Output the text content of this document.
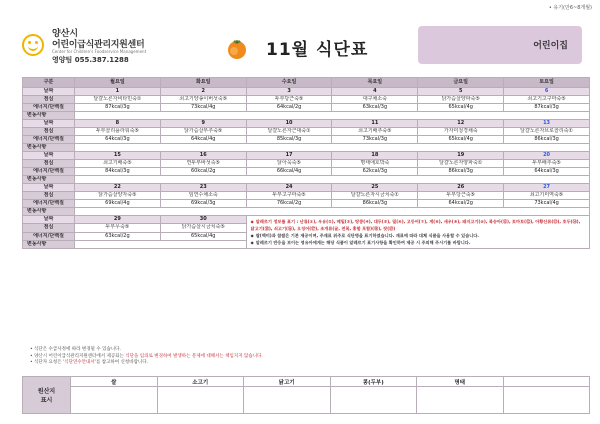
• 유기(만6~8개월)
양산시
어린이급식관리지원센터
Center for Children's Foodservice Management
영양팀 055.387.1288	11월 식단표	어린이집
구분	월요일	화요일	수요일	목요일	금요일	토요일
날짜	1	2	3	4	5	6
점심	달걀노른자비타민죽①	쇠고기양송이버섯죽⑤	두부당근죽⑤	대구채소죽	닭가슴살양파죽⑤	쇠고기고구마죽⑤
에너지/단백질	87kcal/3g	73kcal/4g	64kcal/2g	63kcal/3g	65kcal/4g	87kcal/3g
변동사항						
날짜	8	9	10	11	12	13
점심	두부콜리플라워죽⑤	닭가슴살부추죽⑤	달걀노른자근대죽①	쇠고기배추죽⑤	가자미청경채죽	달걀노른자브로콜리죽①
에너지/단백질	64kcal/3g	64kcal/4g	85kcal/3g	73kcal/3g	65kcal/4g	86kcal/3g
변동사항						
날짜	15	16	17	18	19	20
점심	쇠고기배죽⑤	연두부바섯죽⑤	닭아욱죽⑤	명태애호박죽	달걀노른자양파죽①	두부배추죽⑤
에너지/단백질	84kcal/3g	60kcal/2g	66kcal/4g	62kcal/3g	86kcal/3g	64kcal/3g
변동사항						
날짜	22	23	24	25	26	27
점심	닭가슴살양자죽⑤	임연수채소죽	두부고구마죽⑤	달걀노른자시금치죽①	두부당근죽⑤	쇠고기미역죽⑤
에너지/단백질	69kcal/4g	69kcal/3g	76kcal/2g	86kcal/3g	64kcal/2g	73kcal/4g
변동사항						
날짜	29	30	◆ 알레르기 정보를 표기 : 난류(①), 우유(②), 메밀(③), 땅콩(④), 대두(⑤), 밀(⑥), 고등어(⑦), 게(⑧), 새우(⑨), 돼지고기(⑩), 복숭아(⑪), 토마토(⑫), 아황산류(⑬), 호두(⑭), 닭고기(⑮), 쇠고기(⑯), 오징어(⑰), 조개류(굴, 전복, 홍합 포함)(⑱), 잣(⑲)
◆ 쌀(백미)과 찹쌀은 기본 제공이며, 주재료 위주로 식단명을 표기하였습니다. 재료에 따라 대체 식품을 사용할 수 있습니다.
◆ 알레르기 반응을 보이는 영유아에게는 해당 식품이 알레르기 표기사항을 확인하여 제공 시 주의해 주시기를 바랍니다.			

점심	두부무죽⑤	닭가슴살시금치죽⑤				
에너지/단백질	63kcal/2g	65kcal/4g				
변동사항						
• 식단은 수급사정에 따라 변경될 수 있습니다.
• 양산시 어린이급식관리지원센터에서 제공되는 식단을 임의로 변경하여 발생하는 문제에 대해서는 책임지지 않습니다.
• 식단자 요청은 '식단연수안내서'를 참고하여 신청바랍니다.
원산지
표시	쌀	소고기	닭고기	콩(두부)	명태	
